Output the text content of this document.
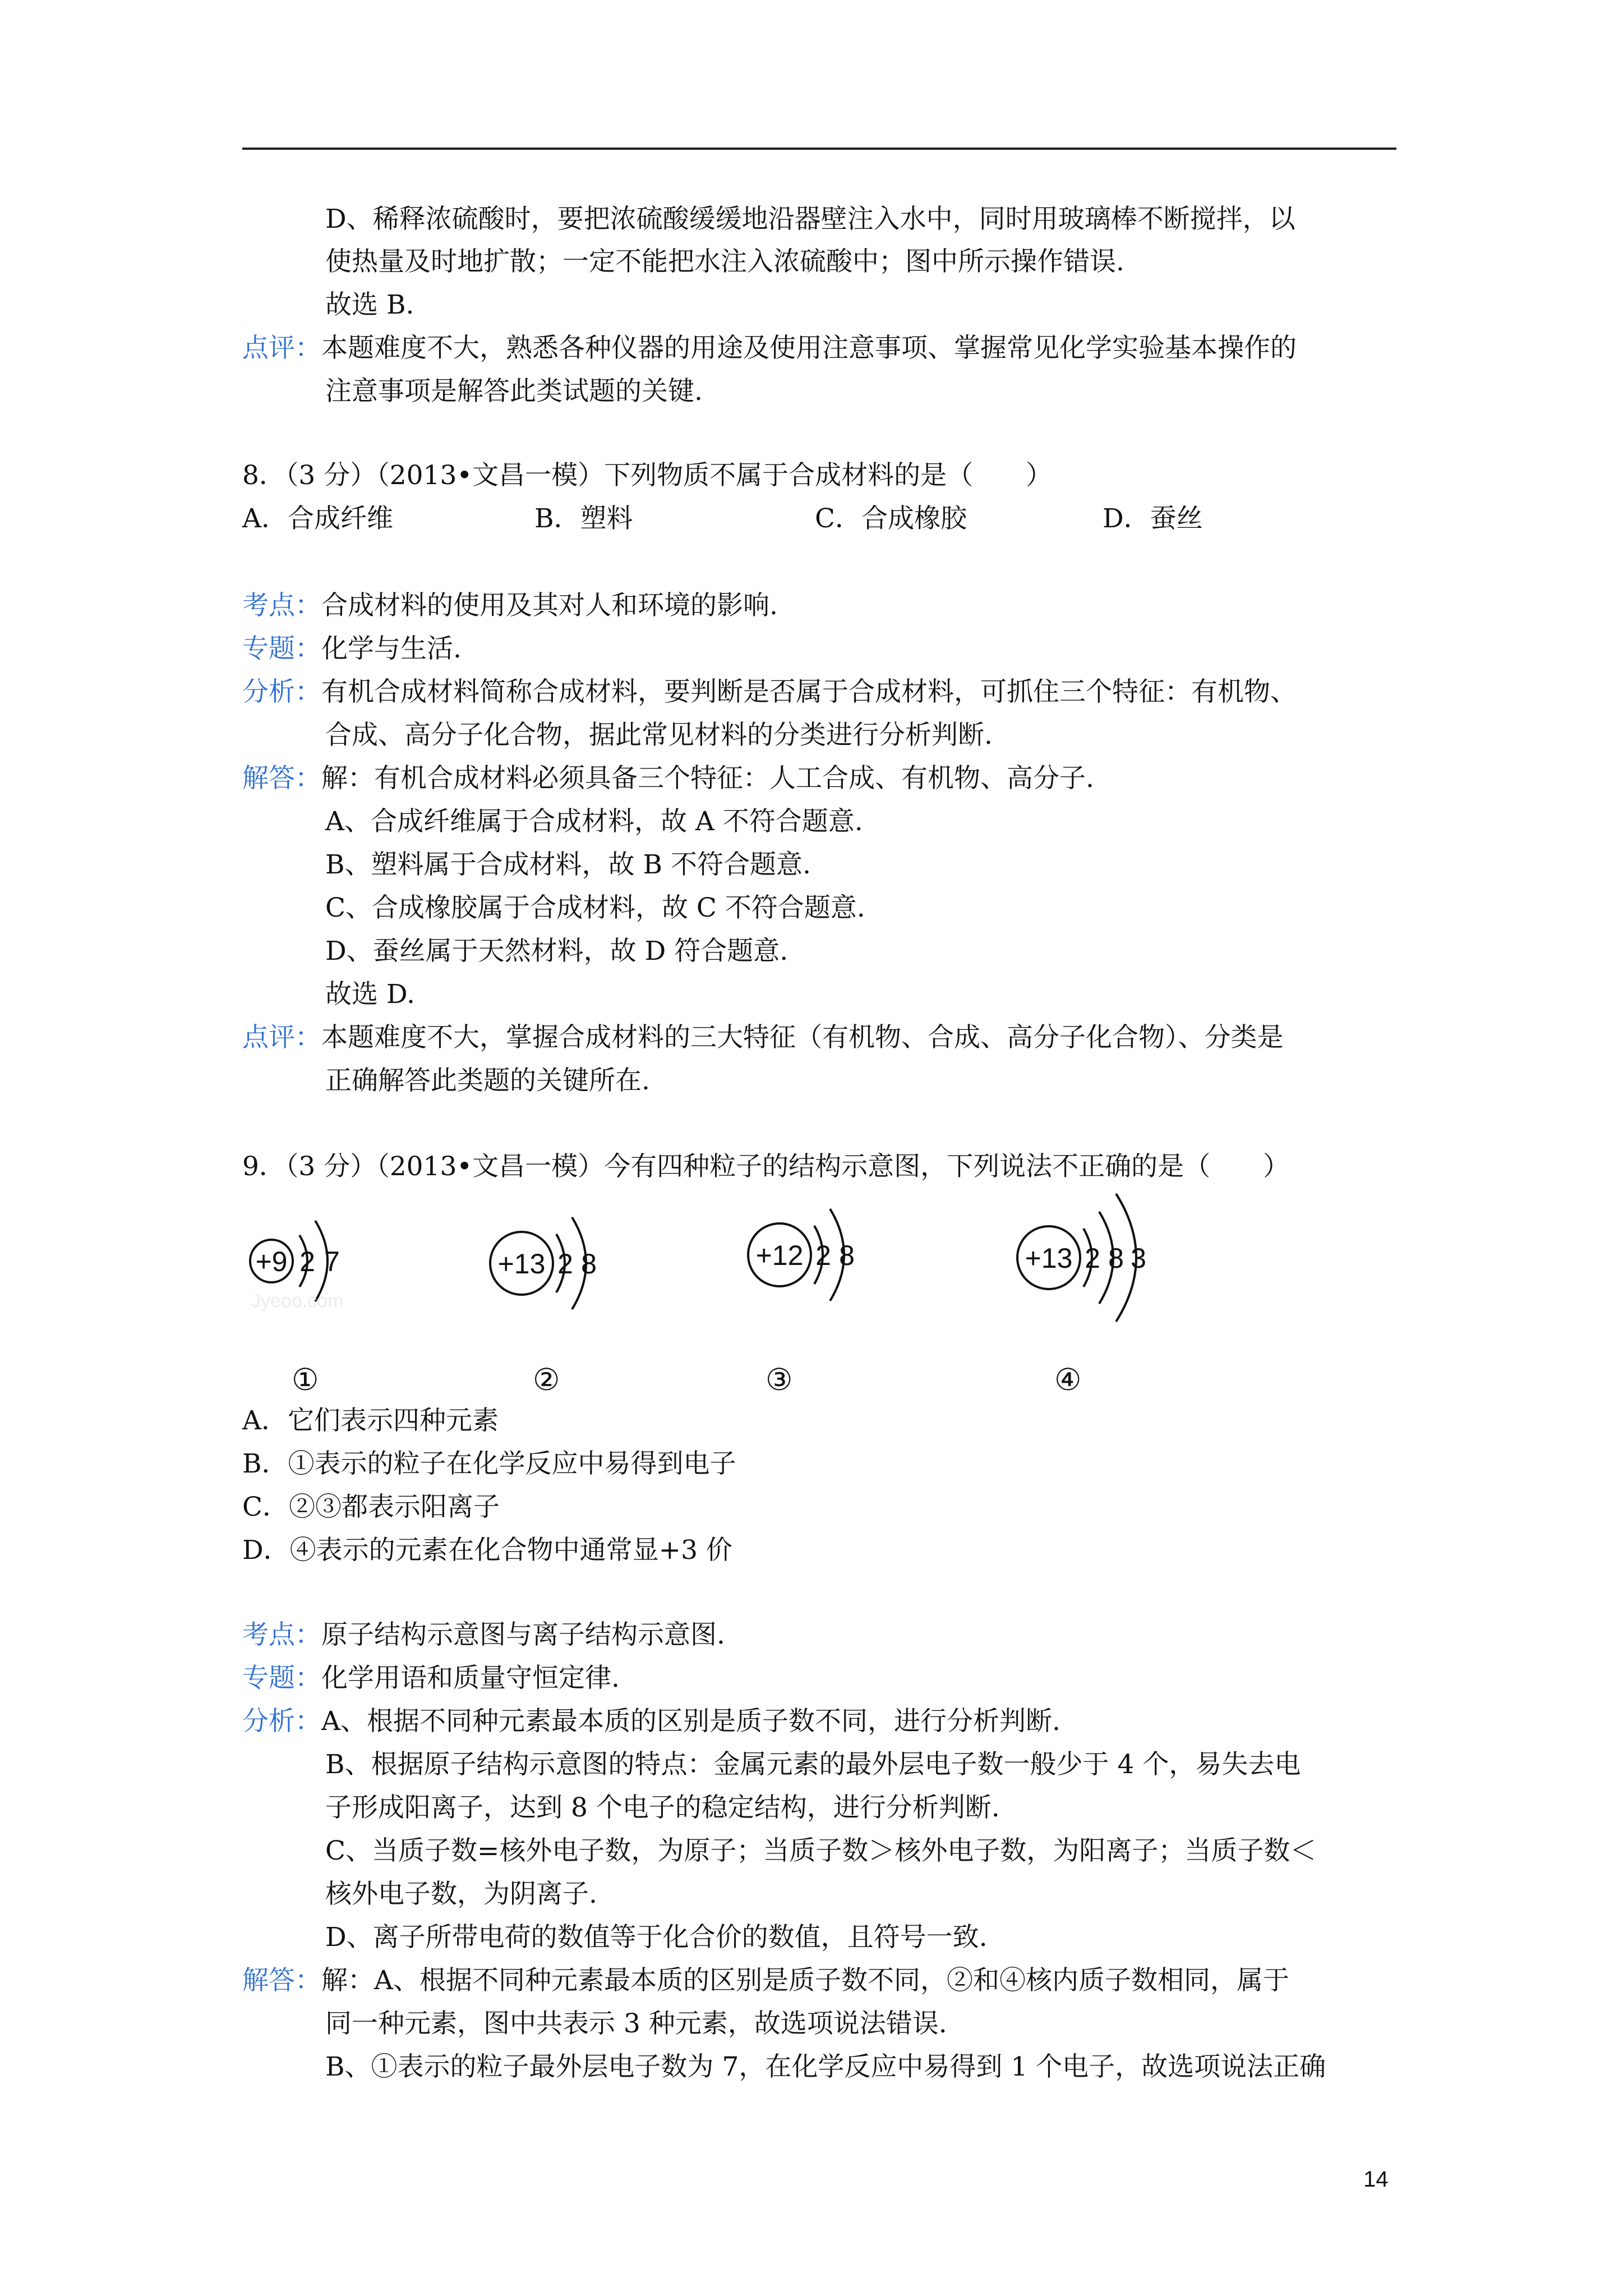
D、稀释浓硫酸时，要把浓硫酸缓缓地沿器壁注入水中，同时用玻璃棒不断搅拌，以
使热量及时地扩散；一定不能把水注入浓硫酸中；图中所示操作错误.
故选 B.
点评：本题难度不大，熟悉各种仪器的用途及使用注意事项、掌握常见化学实验基本操作的
注意事项是解答此类试题的关键.
8．（3 分）（2013•文昌一模）下列物质不属于合成材料的是（　　）
A．合成纤维	B．塑料	C．合成橡胶	D．蚕丝
考点：合成材料的使用及其对人和环境的影响.
专题：化学与生活.
分析：有机合成材料简称合成材料，要判断是否属于合成材料，可抓住三个特征：有机物、
合成、高分子化合物，据此常见材料的分类进行分析判断.
解答：解：有机合成材料必须具备三个特征：人工合成、有机物、高分子.
A、合成纤维属于合成材料，故 A 不符合题意.
B、塑料属于合成材料，故 B 不符合题意.
C、合成橡胶属于合成材料，故 C 不符合题意.
D、蚕丝属于天然材料，故 D 符合题意.
故选 D.
点评：本题难度不大，掌握合成材料的三大特征（有机物、合成、高分子化合物）、分类是
正确解答此类题的关键所在.
9．（3 分）（2013•文昌一模）今有四种粒子的结构示意图，下列说法不正确的是（　　）
+9 2 7
Jyeoo.com
+13 2 8	+12 2 8	+13 2 8 3
①	②	③	④
A．它们表示四种元素
B．①表示的粒子在化学反应中易得到电子
C．②③都表示阳离子
D．④表示的元素在化合物中通常显+3 价
考点：原子结构示意图与离子结构示意图.
专题：化学用语和质量守恒定律.
分析：A、根据不同种元素最本质的区别是质子数不同，进行分析判断.
B、根据原子结构示意图的特点：金属元素的最外层电子数一般少于 4 个，易失去电
子形成阳离子，达到 8 个电子的稳定结构，进行分析判断.
C、当质子数=核外电子数，为原子；当质子数＞核外电子数，为阳离子；当质子数＜
核外电子数，为阴离子.
D、离子所带电荷的数值等于化合价的数值，且符号一致.
解答：解：A、根据不同种元素最本质的区别是质子数不同，②和④核内质子数相同，属于
同一种元素，图中共表示 3 种元素，故选项说法错误.
B、①表示的粒子最外层电子数为 7，在化学反应中易得到 1 个电子，故选项说法正确
14
